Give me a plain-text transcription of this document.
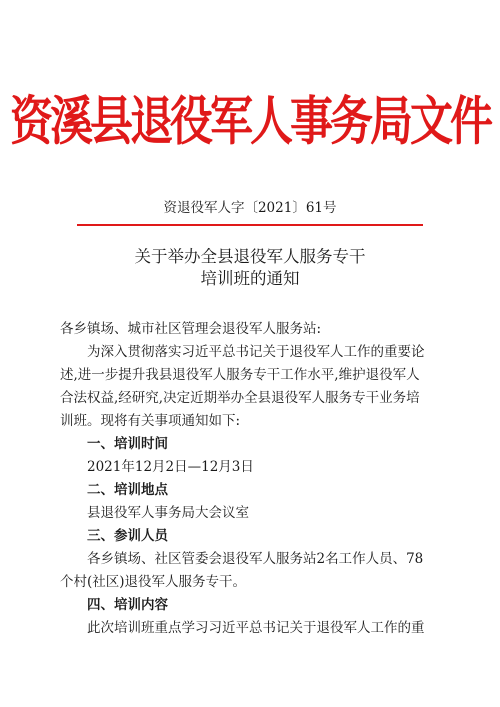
资溪县退役军人事务局文件
资退役军人字〔2021〕61号
关于举办全县退役军人服务专干
培训班的通知

各乡镇场、城市社区管理会退役军人服务站:

为深入贯彻落实习近平总书记关于退役军人工作的重要论

述,进一步提升我县退役军人服务专干工作水平,维护退役军人

合法权益,经研究,决定近期举办全县退役军人服务专干业务培

训班。现将有关事项通知如下:

一、培训时间

2021年12月2日—12月3日

二、培训地点

县退役军人事务局大会议室

三、参训人员

各乡镇场、社区管委会退役军人服务站2名工作人员、78

个村(社区)退役军人服务专干。

四、培训内容

此次培训班重点学习习近平总书记关于退役军人工作的重
